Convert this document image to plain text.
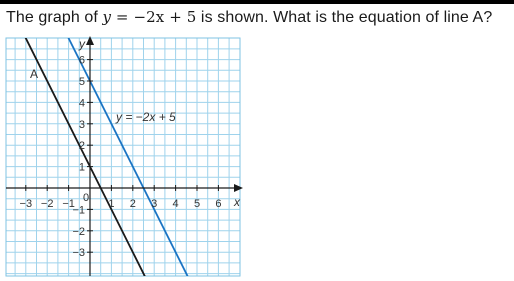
The graph of y = −2x + 5 is shown. What is the equation of line A?
−3 −2 −1 0 1 2 3 4 5 6
6
5
4
3
2
1
−1
−2
−3
x
y
A
y = −2x + 5
